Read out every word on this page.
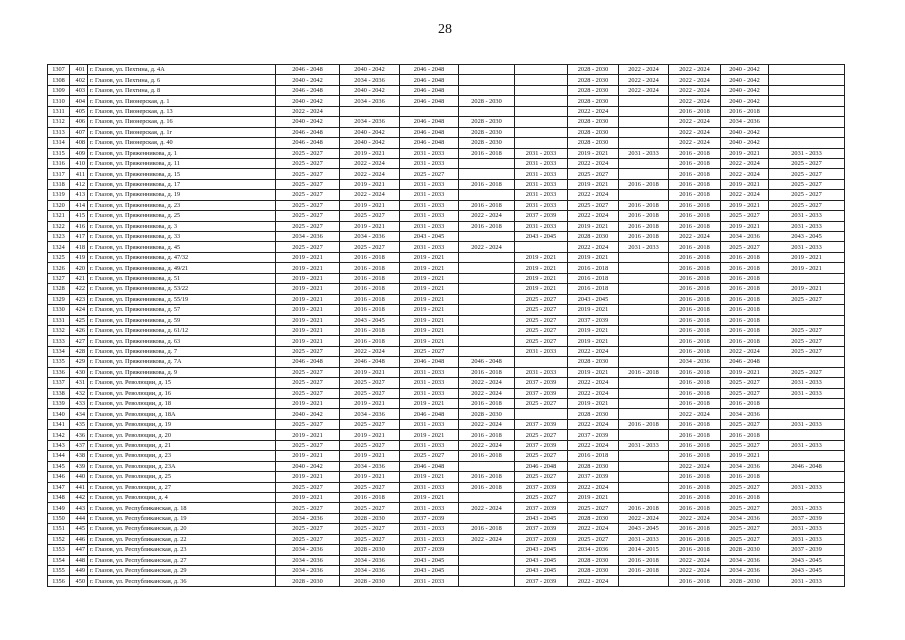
28
1307	401	г. Глазов, ул. Пехтина, д. 4А	2046 - 2048	2040 - 2042	2046 - 2048			2028 - 2030	2022 - 2024	2022 - 2024	2040 - 2042	
1308	402	г. Глазов, ул. Пехтина, д. 6	2040 - 2042	2034 - 2036	2046 - 2048			2028 - 2030	2022 - 2024	2022 - 2024	2040 - 2042	
1309	403	г. Глазов, ул. Пехтина, д. 8	2046 - 2048	2040 - 2042	2046 - 2048			2028 - 2030	2022 - 2024	2022 - 2024	2040 - 2042	
1310	404	г. Глазов, ул. Пионерская, д. 1	2040 - 2042	2034 - 2036	2046 - 2048	2028 - 2030		2028 - 2030		2022 - 2024	2040 - 2042	
1311	405	г. Глазов, ул. Пионерская, д. 13	2022 - 2024					2022 - 2024		2016 - 2018	2016 - 2018	
1312	406	г. Глазов, ул. Пионерская, д. 16	2040 - 2042	2034 - 2036	2046 - 2048	2028 - 2030		2028 - 2030		2022 - 2024	2034 - 2036	
1313	407	г. Глазов, ул. Пионерская, д. 1г	2046 - 2048	2040 - 2042	2046 - 2048	2028 - 2030		2028 - 2030		2022 - 2024	2040 - 2042	
1314	408	г. Глазов, ул. Пионерская, д. 40	2046 - 2048	2040 - 2042	2046 - 2048	2028 - 2030		2028 - 2030		2022 - 2024	2040 - 2042	
1315	409	г. Глазов, ул. Пряженникова, д. 1	2025 - 2027	2019 - 2021	2031 - 2033	2016 - 2018	2031 - 2033	2019 - 2021	2031 - 2033	2016 - 2018	2019 - 2021	2031 - 2033
1316	410	г. Глазов, ул. Пряженникова, д. 11	2025 - 2027	2022 - 2024	2031 - 2033		2031 - 2033	2022 - 2024		2016 - 2018	2022 - 2024	2025 - 2027
1317	411	г. Глазов, ул. Пряженникова, д. 15	2025 - 2027	2022 - 2024	2025 - 2027		2031 - 2033	2025 - 2027		2016 - 2018	2022 - 2024	2025 - 2027
1318	412	г. Глазов, ул. Пряженникова, д. 17	2025 - 2027	2019 - 2021	2031 - 2033	2016 - 2018	2031 - 2033	2019 - 2021	2016 - 2018	2016 - 2018	2019 - 2021	2025 - 2027
1319	413	г. Глазов, ул. Пряженникова, д. 19	2025 - 2027	2022 - 2024	2031 - 2033		2031 - 2033	2022 - 2024		2016 - 2018	2022 - 2024	2025 - 2027
1320	414	г. Глазов, ул. Пряженникова, д. 23	2025 - 2027	2019 - 2021	2031 - 2033	2016 - 2018	2031 - 2033	2025 - 2027	2016 - 2018	2016 - 2018	2019 - 2021	2025 - 2027
1321	415	г. Глазов, ул. Пряженникова, д. 25	2025 - 2027	2025 - 2027	2031 - 2033	2022 - 2024	2037 - 2039	2022 - 2024	2016 - 2018	2016 - 2018	2025 - 2027	2031 - 2033
1322	416	г. Глазов, ул. Пряженникова, д. 3	2025 - 2027	2019 - 2021	2031 - 2033	2016 - 2018	2031 - 2033	2019 - 2021	2016 - 2018	2016 - 2018	2019 - 2021	2031 - 2033
1323	417	г. Глазов, ул. Пряженникова, д. 33	2034 - 2036	2034 - 2036	2043 - 2045		2043 - 2045	2028 - 2030	2016 - 2018	2022 - 2024	2034 - 2036	2043 - 2045
1324	418	г. Глазов, ул. Пряженникова, д. 45	2025 - 2027	2025 - 2027	2031 - 2033	2022 - 2024		2022 - 2024	2031 - 2033	2016 - 2018	2025 - 2027	2031 - 2033
1325	419	г. Глазов, ул. Пряженникова, д. 47/32	2019 - 2021	2016 - 2018	2019 - 2021		2019 - 2021	2019 - 2021		2016 - 2018	2016 - 2018	2019 - 2021
1326	420	г. Глазов, ул. Пряженникова, д. 49/21	2019 - 2021	2016 - 2018	2019 - 2021		2019 - 2021	2016 - 2018		2016 - 2018	2016 - 2018	2019 - 2021
1327	421	г. Глазов, ул. Пряженникова, д. 51	2019 - 2021	2016 - 2018	2019 - 2021		2019 - 2021	2016 - 2018		2016 - 2018	2016 - 2018	
1328	422	г. Глазов, ул. Пряженникова, д. 53/22	2019 - 2021	2016 - 2018	2019 - 2021		2019 - 2021	2016 - 2018		2016 - 2018	2016 - 2018	2019 - 2021
1329	423	г. Глазов, ул. Пряженникова, д. 55/19	2019 - 2021	2016 - 2018	2019 - 2021		2025 - 2027	2043 - 2045		2016 - 2018	2016 - 2018	2025 - 2027
1330	424	г. Глазов, ул. Пряженникова, д. 57	2019 - 2021	2016 - 2018	2019 - 2021		2025 - 2027	2019 - 2021		2016 - 2018	2016 - 2018	
1331	425	г. Глазов, ул. Пряженникова, д. 59	2019 - 2021	2043 - 2045	2019 - 2021		2025 - 2027	2037 - 2039		2016 - 2018	2016 - 2018	
1332	426	г. Глазов, ул. Пряженникова, д. 61/12	2019 - 2021	2016 - 2018	2019 - 2021		2025 - 2027	2019 - 2021		2016 - 2018	2016 - 2018	2025 - 2027
1333	427	г. Глазов, ул. Пряженникова, д. 63	2019 - 2021	2016 - 2018	2019 - 2021		2025 - 2027	2019 - 2021		2016 - 2018	2016 - 2018	2025 - 2027
1334	428	г. Глазов, ул. Пряженникова, д. 7	2025 - 2027	2022 - 2024	2025 - 2027		2031 - 2033	2022 - 2024		2016 - 2018	2022 - 2024	2025 - 2027
1335	429	г. Глазов, ул. Пряженникова, д. 7А	2046 - 2048	2046 - 2048	2046 - 2048	2046 - 2048		2028 - 2030		2034 - 2036	2046 - 2048	
1336	430	г. Глазов, ул. Пряженникова, д. 9	2025 - 2027	2019 - 2021	2031 - 2033	2016 - 2018	2031 - 2033	2019 - 2021	2016 - 2018	2016 - 2018	2019 - 2021	2025 - 2027
1337	431	г. Глазов, ул. Революции, д. 15	2025 - 2027	2025 - 2027	2031 - 2033	2022 - 2024	2037 - 2039	2022 - 2024		2016 - 2018	2025 - 2027	2031 - 2033
1338	432	г. Глазов, ул. Революции, д. 16	2025 - 2027	2025 - 2027	2031 - 2033	2022 - 2024	2037 - 2039	2022 - 2024		2016 - 2018	2025 - 2027	2031 - 2033
1339	433	г. Глазов, ул. Революции, д. 18	2019 - 2021	2019 - 2021	2019 - 2021	2016 - 2018	2025 - 2027	2019 - 2021		2016 - 2018	2016 - 2018	
1340	434	г. Глазов, ул. Революции, д. 18А	2040 - 2042	2034 - 2036	2046 - 2048	2028 - 2030		2028 - 2030		2022 - 2024	2034 - 2036	
1341	435	г. Глазов, ул. Революции, д. 19	2025 - 2027	2025 - 2027	2031 - 2033	2022 - 2024	2037 - 2039	2022 - 2024	2016 - 2018	2016 - 2018	2025 - 2027	2031 - 2033
1342	436	г. Глазов, ул. Революции, д. 20	2019 - 2021	2019 - 2021	2019 - 2021	2016 - 2018	2025 - 2027	2037 - 2039		2016 - 2018	2016 - 2018	
1343	437	г. Глазов, ул. Революции, д. 21	2025 - 2027	2025 - 2027	2031 - 2033	2022 - 2024	2037 - 2039	2022 - 2024	2031 - 2033	2016 - 2018	2025 - 2027	2031 - 2033
1344	438	г. Глазов, ул. Революции, д. 23	2019 - 2021	2019 - 2021	2025 - 2027	2016 - 2018	2025 - 2027	2016 - 2018		2016 - 2018	2019 - 2021	
1345	439	г. Глазов, ул. Революции, д. 23А	2040 - 2042	2034 - 2036	2046 - 2048		2046 - 2048	2028 - 2030		2022 - 2024	2034 - 2036	2046 - 2048
1346	440	г. Глазов, ул. Революции, д. 25	2019 - 2021	2019 - 2021	2019 - 2021	2016 - 2018	2025 - 2027	2037 - 2039		2016 - 2018	2016 - 2018	
1347	441	г. Глазов, ул. Революции, д. 27	2025 - 2027	2025 - 2027	2031 - 2033	2016 - 2018	2037 - 2039	2022 - 2024		2016 - 2018	2025 - 2027	2031 - 2033
1348	442	г. Глазов, ул. Революции, д. 4	2019 - 2021	2016 - 2018	2019 - 2021		2025 - 2027	2019 - 2021		2016 - 2018	2016 - 2018	
1349	443	г. Глазов, ул. Республиканская, д. 18	2025 - 2027	2025 - 2027	2031 - 2033	2022 - 2024	2037 - 2039	2025 - 2027	2016 - 2018	2016 - 2018	2025 - 2027	2031 - 2033
1350	444	г. Глазов, ул. Республиканская, д. 19	2034 - 2036	2028 - 2030	2037 - 2039		2043 - 2045	2028 - 2030	2022 - 2024	2022 - 2024	2034 - 2036	2037 - 2039
1351	445	г. Глазов, ул. Республиканская, д. 20	2025 - 2027	2025 - 2027	2031 - 2033	2016 - 2018	2037 - 2039	2022 - 2024	2043 - 2045	2016 - 2018	2025 - 2027	2031 - 2033
1352	446	г. Глазов, ул. Республиканская, д. 22	2025 - 2027	2025 - 2027	2031 - 2033	2022 - 2024	2037 - 2039	2025 - 2027	2031 - 2033	2016 - 2018	2025 - 2027	2031 - 2033
1353	447	г. Глазов, ул. Республиканская, д. 23	2034 - 2036	2028 - 2030	2037 - 2039		2043 - 2045	2034 - 2036	2014 - 2015	2016 - 2018	2028 - 2030	2037 - 2039
1354	448	г. Глазов, ул. Республиканская, д. 27	2034 - 2036	2034 - 2036	2043 - 2045		2043 - 2045	2028 - 2030	2016 - 2018	2022 - 2024	2034 - 2036	2043 - 2045
1355	449	г. Глазов, ул. Республиканская, д. 29	2034 - 2036	2034 - 2036	2043 - 2045		2043 - 2045	2028 - 2030	2016 - 2018	2022 - 2024	2034 - 2036	2043 - 2045
1356	450	г. Глазов, ул. Республиканская, д. 36	2028 - 2030	2028 - 2030	2031 - 2033		2037 - 2039	2022 - 2024		2016 - 2018	2028 - 2030	2031 - 2033
